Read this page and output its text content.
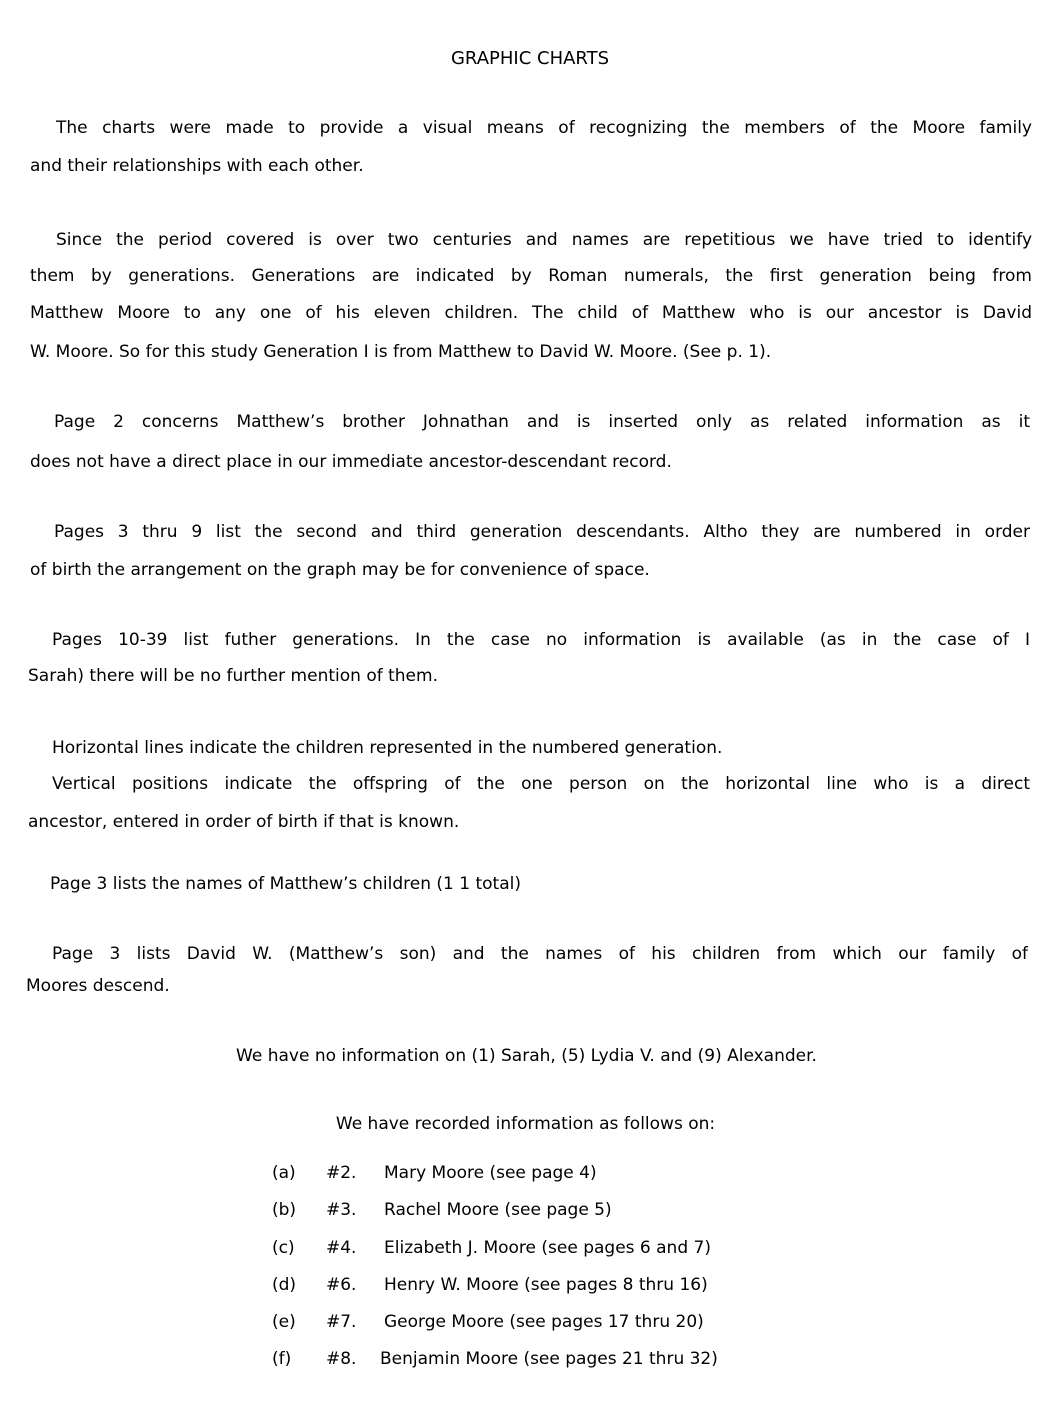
GRAPHIC CHARTS
The charts were made to provide a visual means of recognizing the members of the Moore family
and their relationships with each other.
Since the period covered is over two centuries and names are repetitious we have tried to identify
them by generations. Generations are indicated by Roman numerals, the first generation being from
Matthew Moore to any one of his eleven children. The child of Matthew who is our ancestor is David
W. Moore. So for this study Generation I is from Matthew to David W. Moore. (See p. 1).
Page 2 concerns Matthew’s brother Johnathan and is inserted only as related information as it
does not have a direct place in our immediate ancestor-descendant record.
Pages 3 thru 9 list the second and third generation descendants. Altho they are numbered in order
of birth the arrangement on the graph may be for convenience of space.
Pages 10-39 list futher generations. In the case no information is available (as in the case of I
Sarah) there will be no further mention of them.
Horizontal lines indicate the children represented in the numbered generation.
Vertical positions indicate the offspring of the one person on the horizontal line who is a direct
ancestor, entered in order of birth if that is known.
Page 3 lists the names of Matthew’s children (1 1 total)
Page 3 lists David W. (Matthew’s son) and the names of his children from which our family of
Moores descend.
We have no information on (1) Sarah, (5) Lydia V. and (9) Alexander.
We have recorded information as follows on:
(a) #2. Mary Moore (see page 4)
(b) #3. Rachel Moore (see page 5)
(c) #4. Elizabeth J. Moore (see pages 6 and 7)
(d) #6. Henry W. Moore (see pages 8 thru 16)
(e) #7. George Moore (see pages 17 thru 20)
(f) #8. Benjamin Moore (see pages 21 thru 32)
